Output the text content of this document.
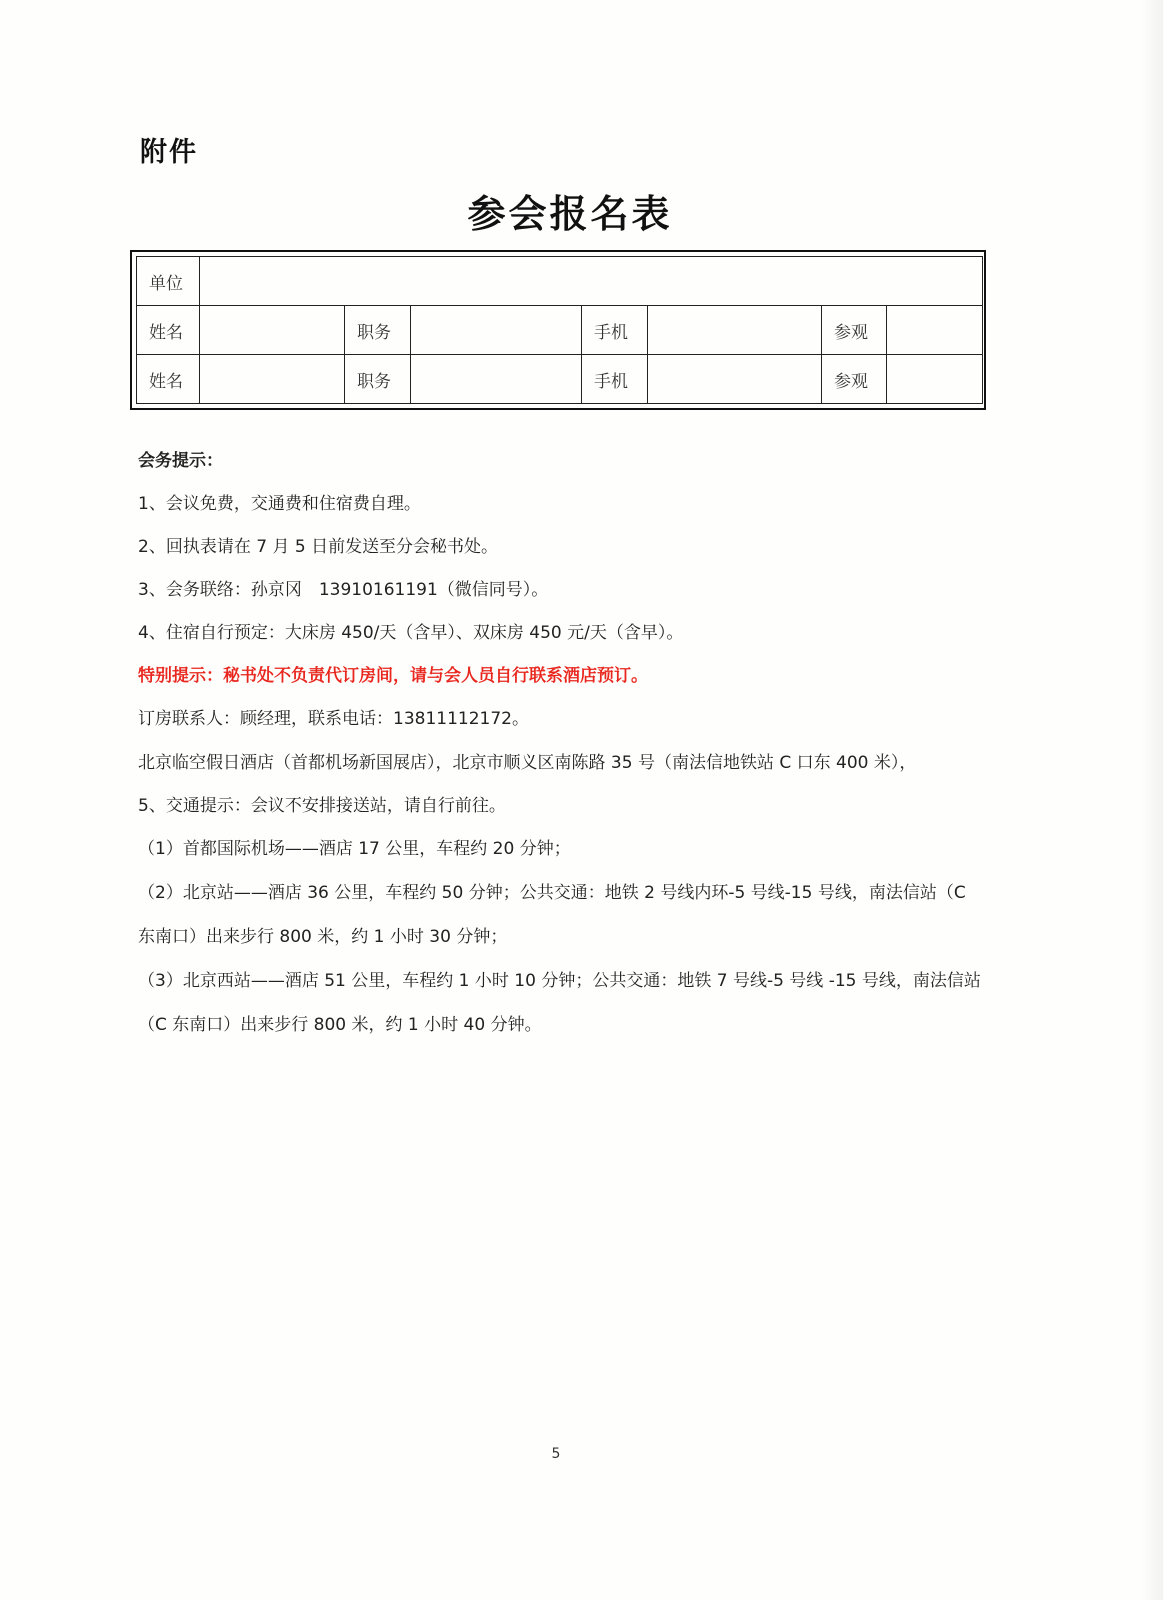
附件
参会报名表
单位							
姓名		职务		手机		参观	
姓名		职务		手机		参观	
会务提示：
1、会议免费，交通费和住宿费自理。
2、回执表请在 7 月 5 日前发送至分会秘书处。
3、会务联络：孙京冈　13910161191（微信同号）。
4、住宿自行预定：大床房 450/天（含早）、双床房 450 元/天（含早）。
特别提示：秘书处不负责代订房间，请与会人员自行联系酒店预订。
订房联系人：顾经理，联系电话：13811112172。
北京临空假日酒店（首都机场新国展店），北京市顺义区南陈路 35 号（南法信地铁站 C 口东 400 米），
5、交通提示：会议不安排接送站，请自行前往。
（1）首都国际机场——酒店 17 公里，车程约 20 分钟；
（2）北京站——酒店 36 公里，车程约 50 分钟；公共交通：地铁 2 号线内环-5 号线-15 号线，南法信站（C 东南口）出来步行 800 米，约 1 小时 30 分钟；
（3）北京西站——酒店 51 公里，车程约 1 小时 10 分钟；公共交通：地铁 7 号线-5 号线 -15 号线，南法信站（C 东南口）出来步行 800 米，约 1 小时 40 分钟。
5
